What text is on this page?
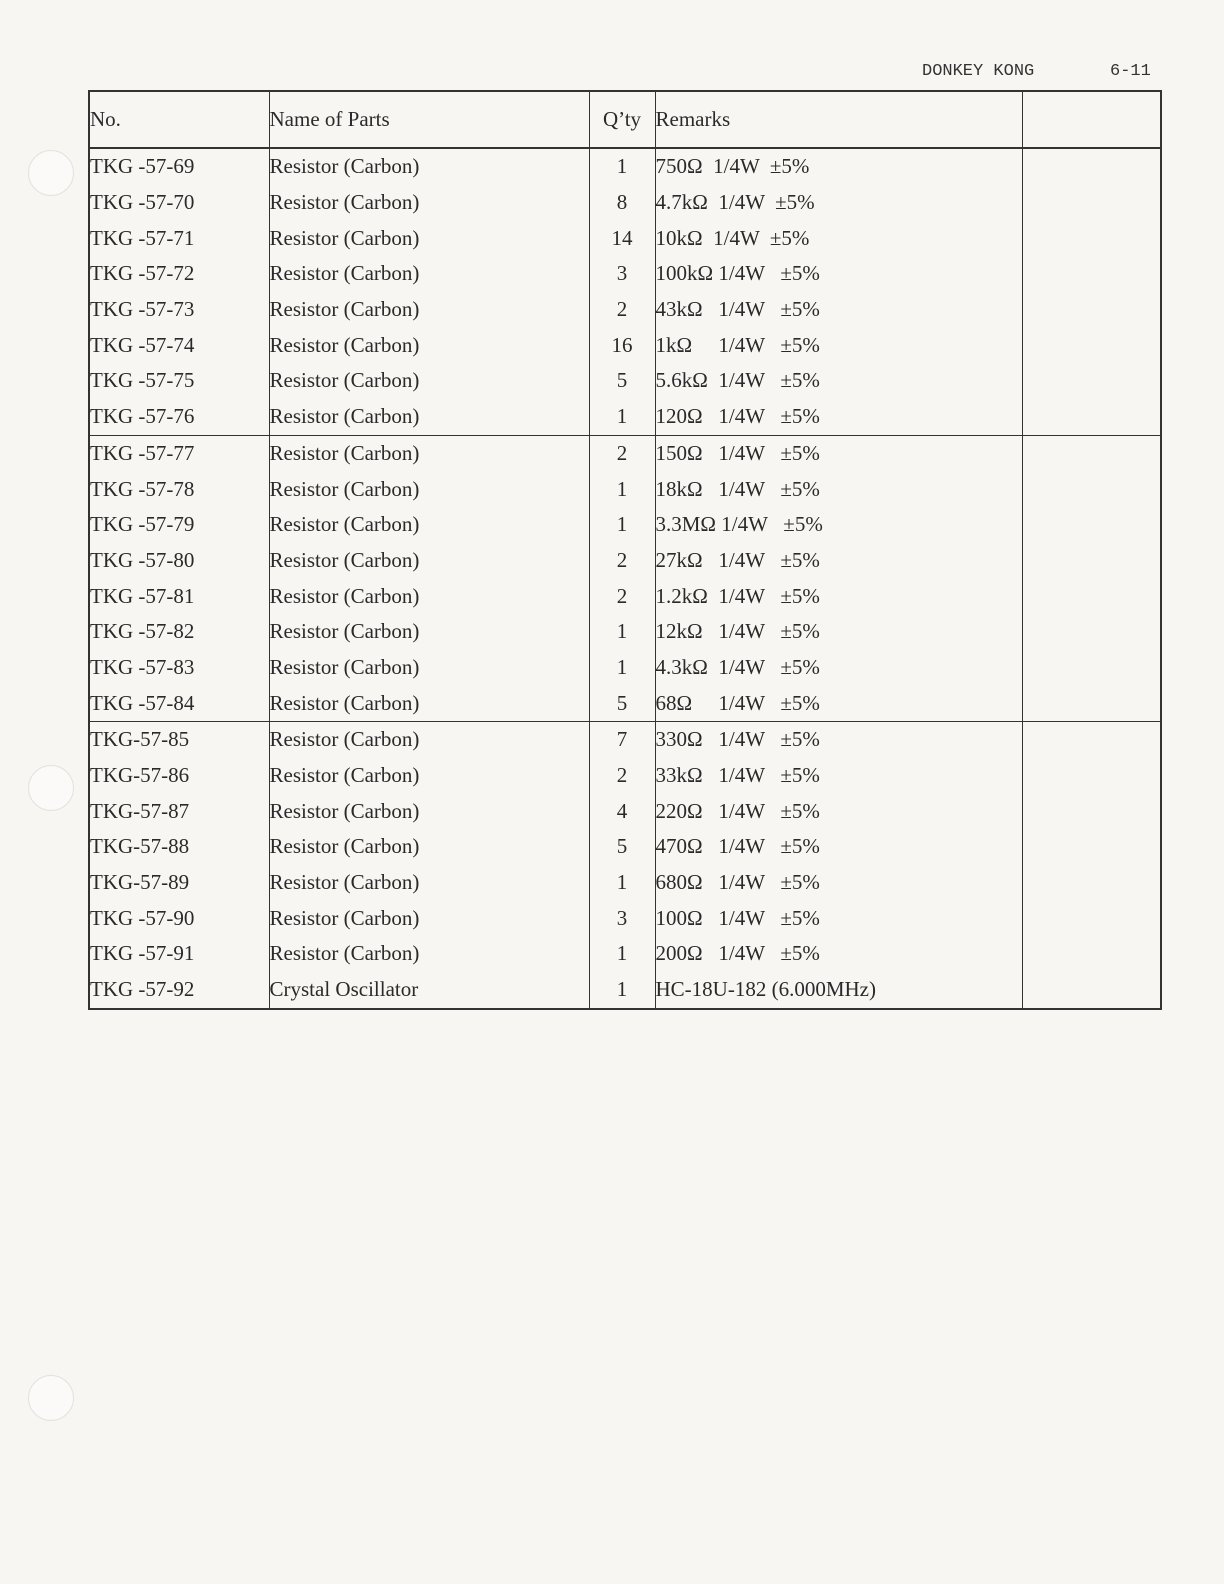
DONKEY KONG	6-11
No.	Name of Parts	Q’ty	Remarks	
TKG -57-69	Resistor (Carbon)	1	750Ω  1/4W  ±5%	
TKG -57-70	Resistor (Carbon)	8	4.7kΩ  1/4W  ±5%	
TKG -57-71	Resistor (Carbon)	14	10kΩ  1/4W  ±5%	
TKG -57-72	Resistor (Carbon)	3	100kΩ 1/4W   ±5%	
TKG -57-73	Resistor (Carbon)	2	43kΩ   1/4W   ±5%	
TKG -57-74	Resistor (Carbon)	16	1kΩ     1/4W   ±5%	
TKG -57-75	Resistor (Carbon)	5	5.6kΩ  1/4W   ±5%	
TKG -57-76	Resistor (Carbon)	1	120Ω   1/4W   ±5%	
TKG -57-77	Resistor (Carbon)	2	150Ω   1/4W   ±5%	
TKG -57-78	Resistor (Carbon)	1	18kΩ   1/4W   ±5%	
TKG -57-79	Resistor (Carbon)	1	3.3MΩ 1/4W   ±5%	
TKG -57-80	Resistor (Carbon)	2	27kΩ   1/4W   ±5%	
TKG -57-81	Resistor (Carbon)	2	1.2kΩ  1/4W   ±5%	
TKG -57-82	Resistor (Carbon)	1	12kΩ   1/4W   ±5%	
TKG -57-83	Resistor (Carbon)	1	4.3kΩ  1/4W   ±5%	
TKG -57-84	Resistor (Carbon)	5	68Ω     1/4W   ±5%	
TKG-57-85	Resistor (Carbon)	7	330Ω   1/4W   ±5%	
TKG-57-86	Resistor (Carbon)	2	33kΩ   1/4W   ±5%	
TKG-57-87	Resistor (Carbon)	4	220Ω   1/4W   ±5%	
TKG-57-88	Resistor (Carbon)	5	470Ω   1/4W   ±5%	
TKG-57-89	Resistor (Carbon)	1	680Ω   1/4W   ±5%	
TKG -57-90	Resistor (Carbon)	3	100Ω   1/4W   ±5%	
TKG -57-91	Resistor (Carbon)	1	200Ω   1/4W   ±5%	
TKG -57-92	Crystal Oscillator	1	HC-18U-182 (6.000MHz)	
